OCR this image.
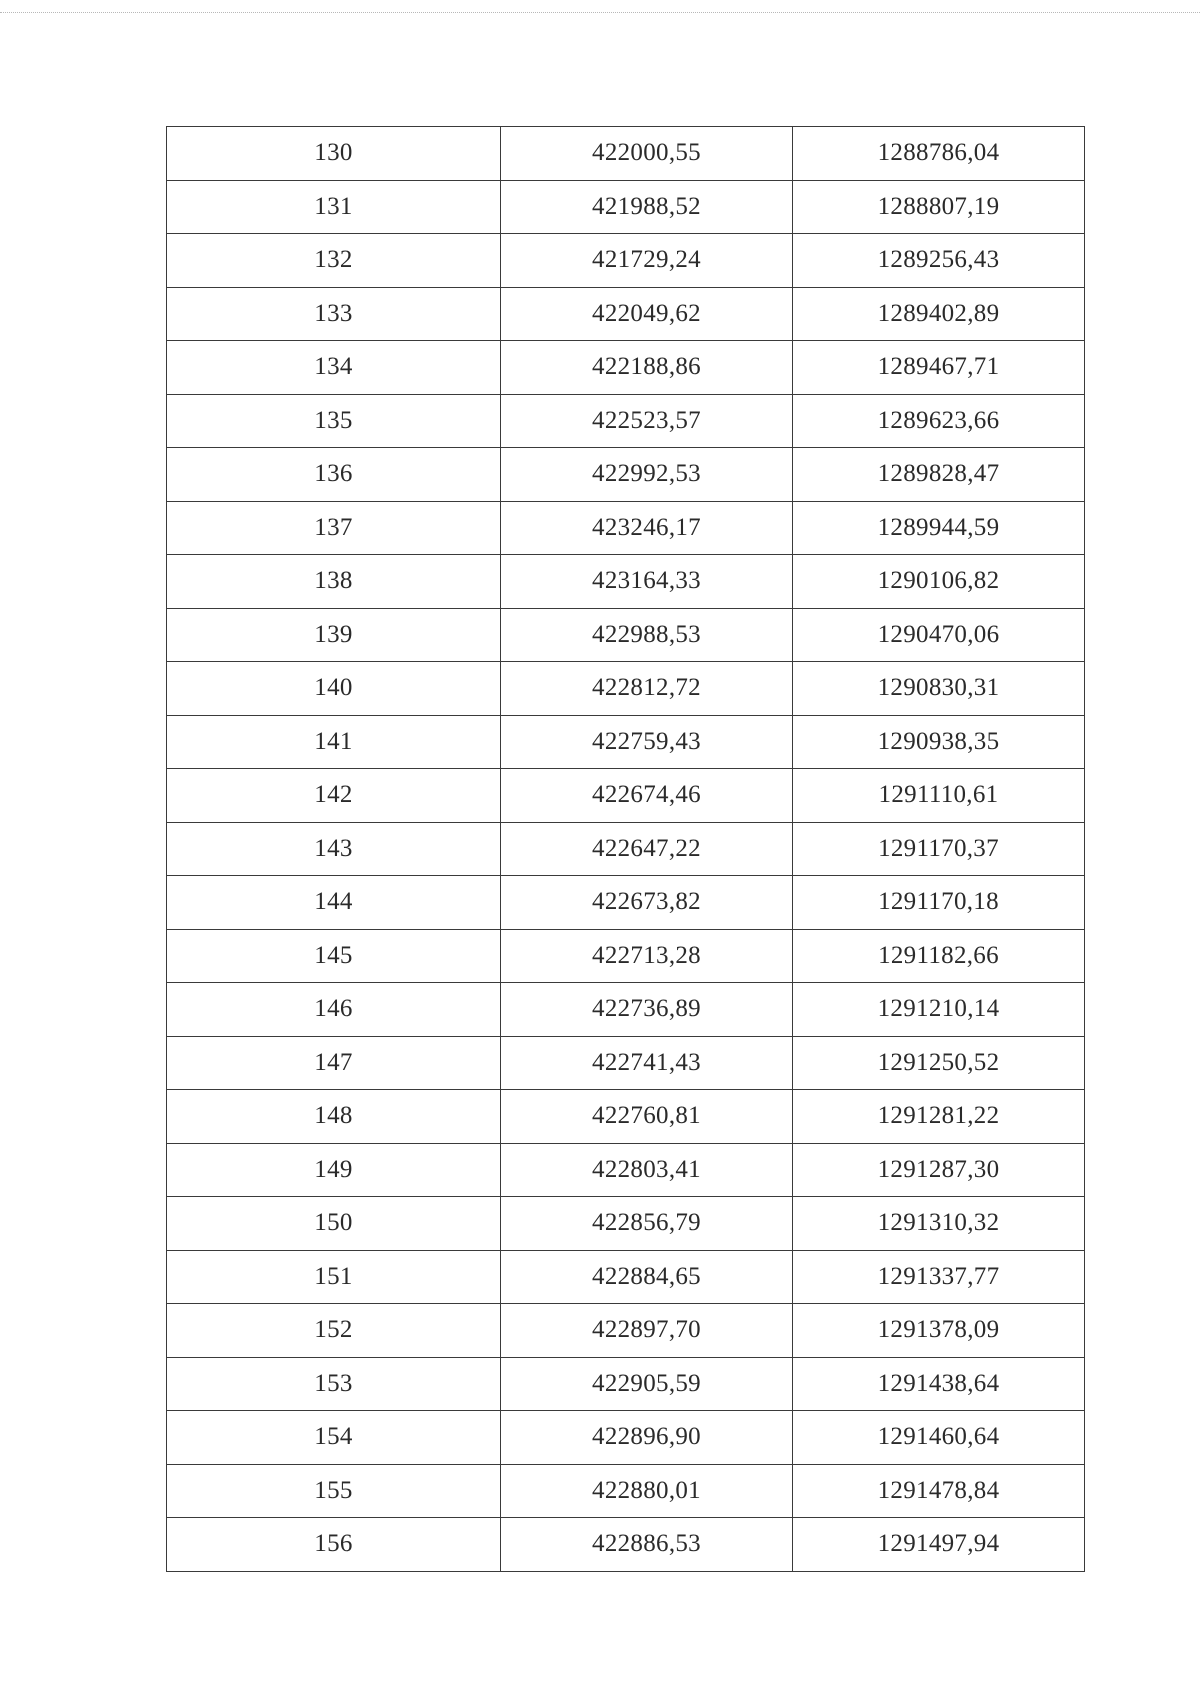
130	422000,55	1288786,04
131	421988,52	1288807,19
132	421729,24	1289256,43
133	422049,62	1289402,89
134	422188,86	1289467,71
135	422523,57	1289623,66
136	422992,53	1289828,47
137	423246,17	1289944,59
138	423164,33	1290106,82
139	422988,53	1290470,06
140	422812,72	1290830,31
141	422759,43	1290938,35
142	422674,46	1291110,61
143	422647,22	1291170,37
144	422673,82	1291170,18
145	422713,28	1291182,66
146	422736,89	1291210,14
147	422741,43	1291250,52
148	422760,81	1291281,22
149	422803,41	1291287,30
150	422856,79	1291310,32
151	422884,65	1291337,77
152	422897,70	1291378,09
153	422905,59	1291438,64
154	422896,90	1291460,64
155	422880,01	1291478,84
156	422886,53	1291497,94
